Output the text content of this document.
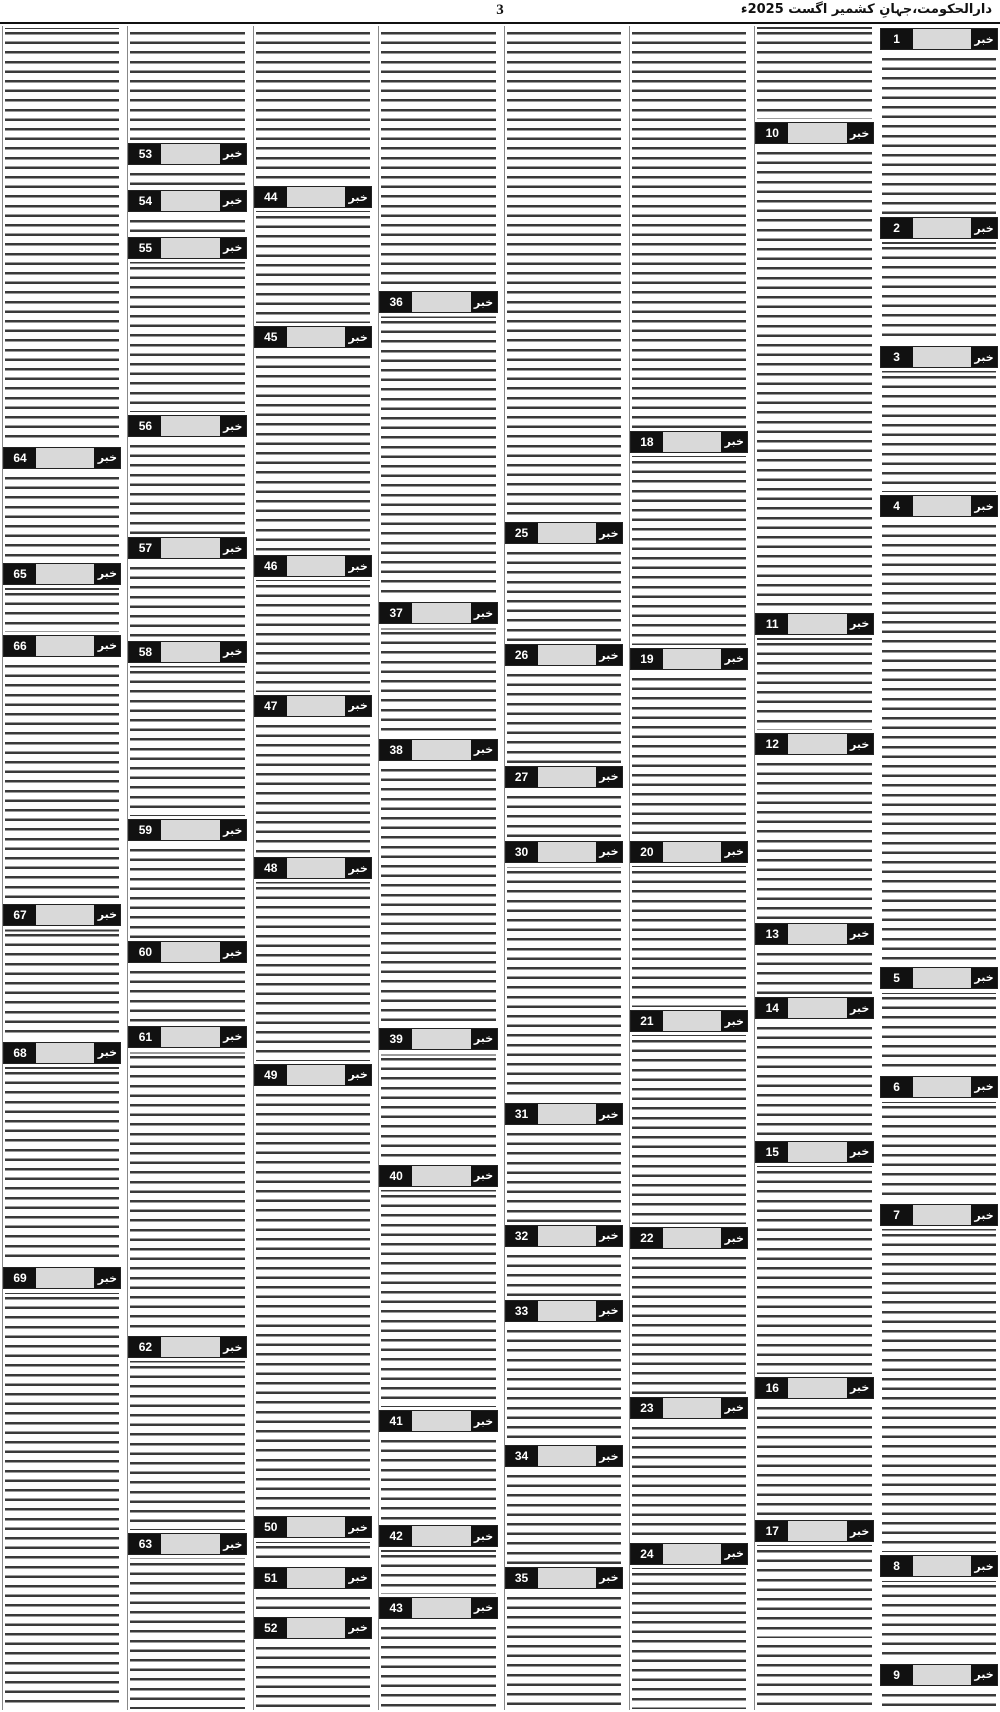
3	دارالحکومت،جہانِ کشمیر اگست 2025ء
خبر
1
خبر
2
خبر
3
خبر
4
خبر
5
خبر
6
خبر
7
خبر
8
خبر
9
خبر
10
خبر
11
خبر
12
خبر
13
خبر
14
خبر
15
خبر
16
خبر
17
خبر
18
خبر
19
خبر
20
خبر
21
خبر
22
خبر
23
خبر
24
خبر
25
خبر
26
خبر
27
خبر
30
خبر
31
خبر
32
خبر
33
خبر
34
خبر
35
خبر
36
خبر
37
خبر
38
خبر
39
خبر
40
خبر
41
خبر
42
خبر
43
خبر
44
خبر
45
خبر
46
خبر
47
خبر
48
خبر
49
خبر
50
خبر
51
خبر
52
خبر
53
خبر
54
خبر
55
خبر
56
خبر
57
خبر
58
خبر
59
خبر
60
خبر
61
خبر
62
خبر
63
خبر
64
خبر
65
خبر
66
خبر
67
خبر
68
خبر
69
